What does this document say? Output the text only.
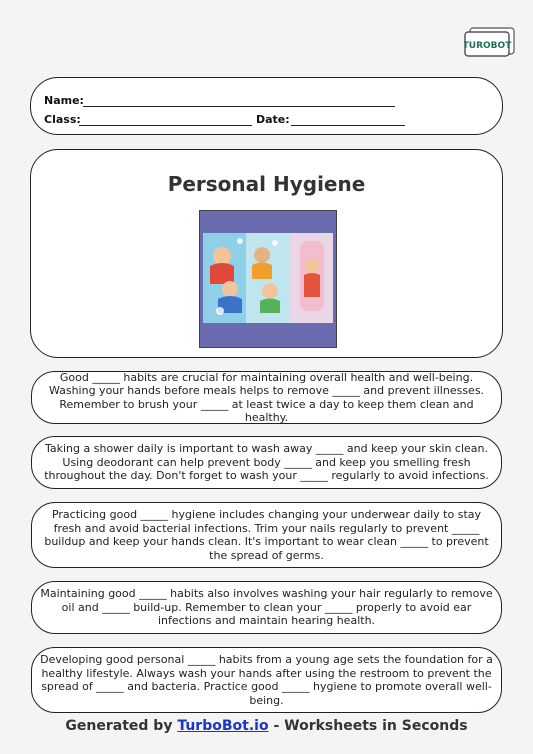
TUROBOT
Name:
Class:	Date:
Personal Hygiene
Good _____ habits are crucial for maintaining overall health and well-being. Washing your hands before meals helps to remove _____ and prevent illnesses. Remember to brush your _____ at least twice a day to keep them clean and healthy.
Taking a shower daily is important to wash away _____ and keep your skin clean. Using deodorant can help prevent body _____ and keep you smelling fresh throughout the day. Don't forget to wash your _____ regularly to avoid infections.
Practicing good _____ hygiene includes changing your underwear daily to stay fresh and avoid bacterial infections. Trim your nails regularly to prevent _____ buildup and keep your hands clean. It's important to wear clean _____ to prevent the spread of germs.
Maintaining good _____ habits also involves washing your hair regularly to remove oil and _____ build-up. Remember to clean your _____ properly to avoid ear infections and maintain hearing health.
Developing good personal _____ habits from a young age sets the foundation for a healthy lifestyle. Always wash your hands after using the restroom to prevent the spread of _____ and bacteria. Practice good _____ hygiene to promote overall well-being.
Generated by TurboBot.io - Worksheets in Seconds
